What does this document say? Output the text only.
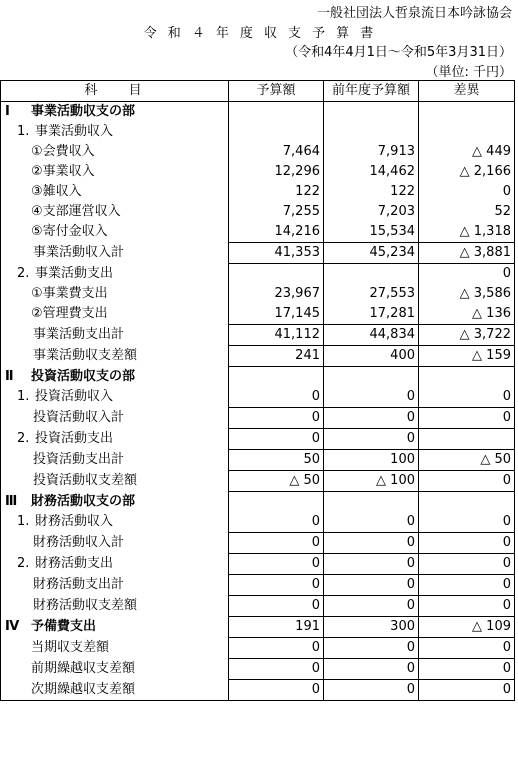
一般社団法人哲泉流日本吟詠協会
令和４年度収支予算書
（令和4年4月1日～令和5年3月31日）
（単位: 千円）
科目	予算額	前年度予算額	差異
Ⅰ 事業活動収支の部			
1. 事業活動収入			
①会費収入	7,464	7,913	△ 449
②事業収入	12,296	14,462	△ 2,166
③雑収入	122	122	0
④支部運営収入	7,255	7,203	52
⑤寄付金収入	14,216	15,534	△ 1,318
事業活動収入計	41,353	45,234	△ 3,881
2. 事業活動支出			0
①事業費支出	23,967	27,553	△ 3,586
②管理費支出	17,145	17,281	△ 136
事業活動支出計	41,112	44,834	△ 3,722
事業活動収支差額	241	400	△ 159
Ⅱ 投資活動収支の部			
1. 投資活動収入	0	0	0
投資活動収入計	0	0	0
2. 投資活動支出	0	0	
投資活動支出計	50	100	△ 50
投資活動収支差額	△ 50	△ 100	0
Ⅲ 財務活動収支の部			
1. 財務活動収入	0	0	0
財務活動収入計	0	0	0
2. 財務活動支出	0	0	0
財務活動支出計	0	0	0
財務活動収支差額	0	0	0
Ⅳ 予備費支出	191	300	△ 109
当期収支差額	0	0	0
前期繰越収支差額	0	0	0
次期繰越収支差額	0	0	0
